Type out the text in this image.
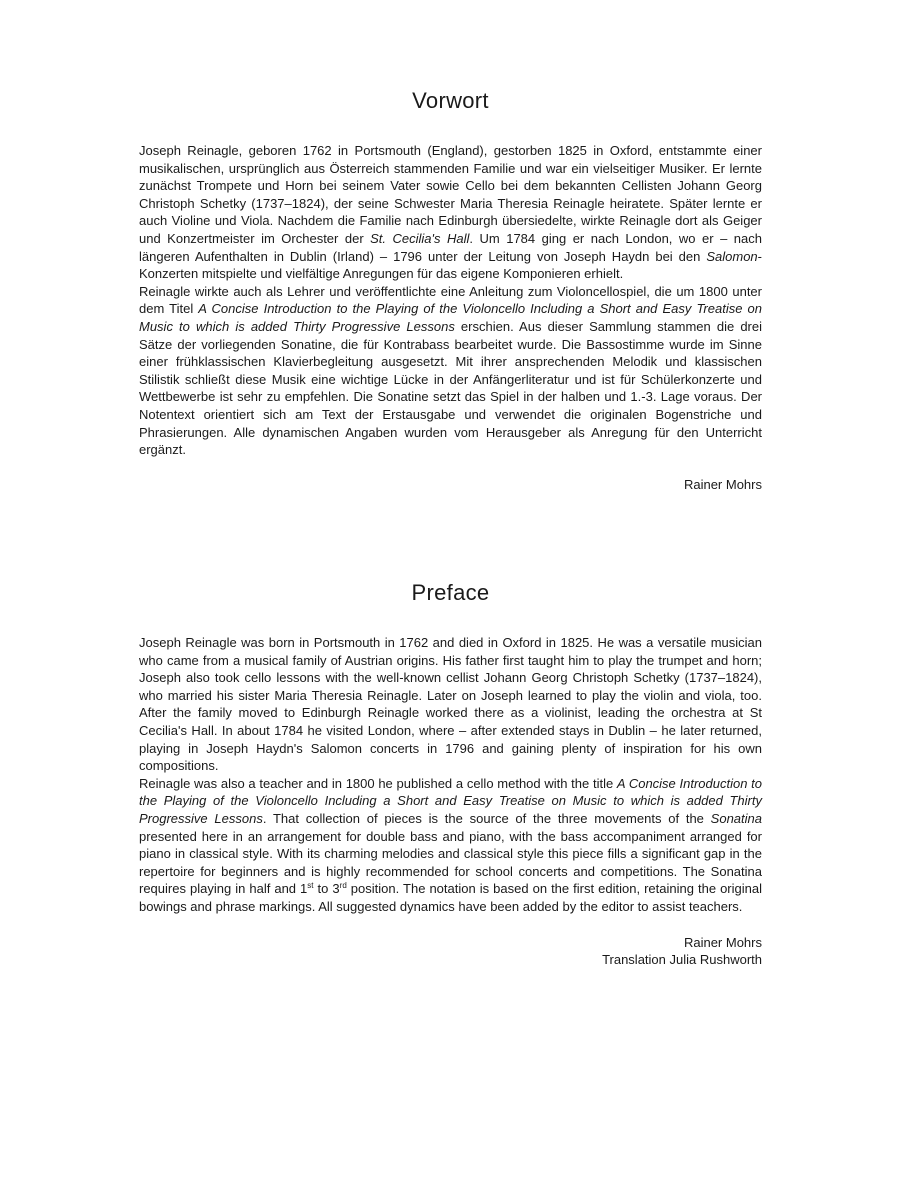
Vorwort

Joseph Reinagle, geboren 1762 in Portsmouth (England), gestorben 1825 in Oxford, entstammte einer musikalischen, ursprünglich aus Österreich stammenden Familie und war ein vielseitiger Musiker. Er lernte zunächst Trompete und Horn bei seinem Vater sowie Cello bei dem bekannten Cellisten Johann Georg Christoph Schetky (1737–1824), der seine Schwester Maria Theresia Reinagle heiratete. Später lernte er auch Violine und Viola. Nachdem die Familie nach Edinburgh übersiedelte, wirkte Reinagle dort als Geiger und Konzertmeister im Orchester der St. Cecilia's Hall. Um 1784 ging er nach London, wo er – nach längeren Aufenthalten in Dublin (Irland) – 1796 unter der Leitung von Joseph Haydn bei den Salomon-Konzerten mitspielte und vielfältige Anregungen für das eigene Komponieren erhielt.

Reinagle wirkte auch als Lehrer und veröffentlichte eine Anleitung zum Violoncellospiel, die um 1800 unter dem Titel A Concise Introduction to the Playing of the Violoncello Including a Short and Easy Treatise on Music to which is added Thirty Progressive Lessons erschien. Aus dieser Sammlung stammen die drei Sätze der vorliegenden Sonatine, die für Kontrabass bearbeitet wurde. Die Bassostimme wurde im Sinne einer frühklassischen Klavierbegleitung ausgesetzt. Mit ihrer ansprechenden Melodik und klassischen Stilistik schließt diese Musik eine wichtige Lücke in der Anfängerliteratur und ist für Schülerkonzerte und Wettbewerbe ist sehr zu empfehlen. Die Sonatine setzt das Spiel in der halben und 1.-3. Lage voraus. Der Notentext orientiert sich am Text der Erstausgabe und verwendet die originalen Bogenstriche und Phrasierungen. Alle dynamischen Angaben wurden vom Herausgeber als Anregung für den Unterricht ergänzt.

Rainer Mohrs
Preface

Joseph Reinagle was born in Portsmouth in 1762 and died in Oxford in 1825. He was a versatile musician who came from a musical family of Austrian origins. His father first taught him to play the trumpet and horn; Joseph also took cello lessons with the well-known cellist Johann Georg Christoph Schetky (1737–1824), who married his sister Maria Theresia Reinagle. Later on Joseph learned to play the violin and viola, too. After the family moved to Edinburgh Reinagle worked there as a violinist, leading the orchestra at St Cecilia's Hall. In about 1784 he visited London, where – after extended stays in Dublin – he later returned, playing in Joseph Haydn's Salomon concerts in 1796 and gaining plenty of inspiration for his own compositions.

Reinagle was also a teacher and in 1800 he published a cello method with the title A Concise Introduction to the Playing of the Violoncello Including a Short and Easy Treatise on Music to which is added Thirty Progressive Lessons. That collection of pieces is the source of the three movements of the Sonatina presented here in an arrangement for double bass and piano, with the bass accompaniment arranged for piano in classical style. With its charming melodies and classical style this piece fills a significant gap in the repertoire for beginners and is highly recommended for school concerts and competitions. The Sonatina requires playing in half and 1st to 3rd position. The notation is based on the first edition, retaining the original bowings and phrase markings. All suggested dynamics have been added by the editor to assist teachers.

Rainer Mohrs
Translation Julia Rushworth
